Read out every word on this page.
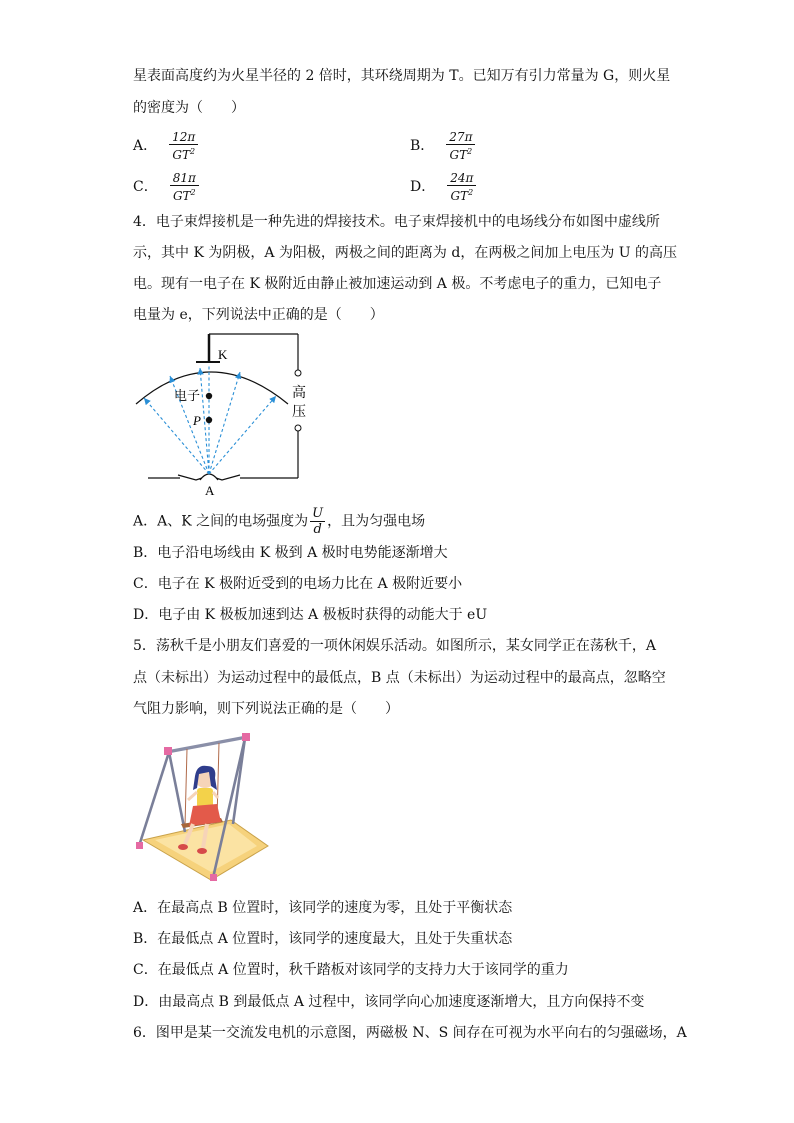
星表面高度约为火星半径的 2 倍时，其环绕周期为 T。已知万有引力常量为 G，则火星
的密度为（　　）
A． $\frac{12\pi}{GT^2}$	B． $\frac{27\pi}{GT^2}$
C． $\frac{81\pi}{GT^2}$	D． $\frac{24\pi}{GT^2}$
4．电子束焊接机是一种先进的焊接技术。电子束焊接机中的电场线分布如图中虚线所
示，其中 K 为阴极，A 为阳极，两极之间的距离为 d，在两极之间加上电压为 U 的高压
电。现有一电子在 K 极附近由静止被加速运动到 A 极。不考虑电子的重力，已知电子
电量为 e，下列说法中正确的是（　　）
K
电子
P
A
高
压
A．A、K 之间的电场强度为 $\frac{U}{d}$ ，且为匀强电场
B．电子沿电场线由 K 极到 A 极时电势能逐渐增大
C．电子在 K 极附近受到的电场力比在 A 极附近要小
D．电子由 K 极板加速到达 A 极板时获得的动能大于 eU
5．荡秋千是小朋友们喜爱的一项休闲娱乐活动。如图所示，某女同学正在荡秋千，A
点（未标出）为运动过程中的最低点，B 点（未标出）为运动过程中的最高点，忽略空
气阻力影响，则下列说法正确的是（　　）
A．在最高点 B 位置时，该同学的速度为零，且处于平衡状态
B．在最低点 A 位置时，该同学的速度最大，且处于失重状态
C．在最低点 A 位置时，秋千踏板对该同学的支持力大于该同学的重力
D．由最高点 B 到最低点 A 过程中，该同学向心加速度逐渐增大，且方向保持不变
6．图甲是某一交流发电机的示意图，两磁极 N、S 间存在可视为水平向右的匀强磁场，A
